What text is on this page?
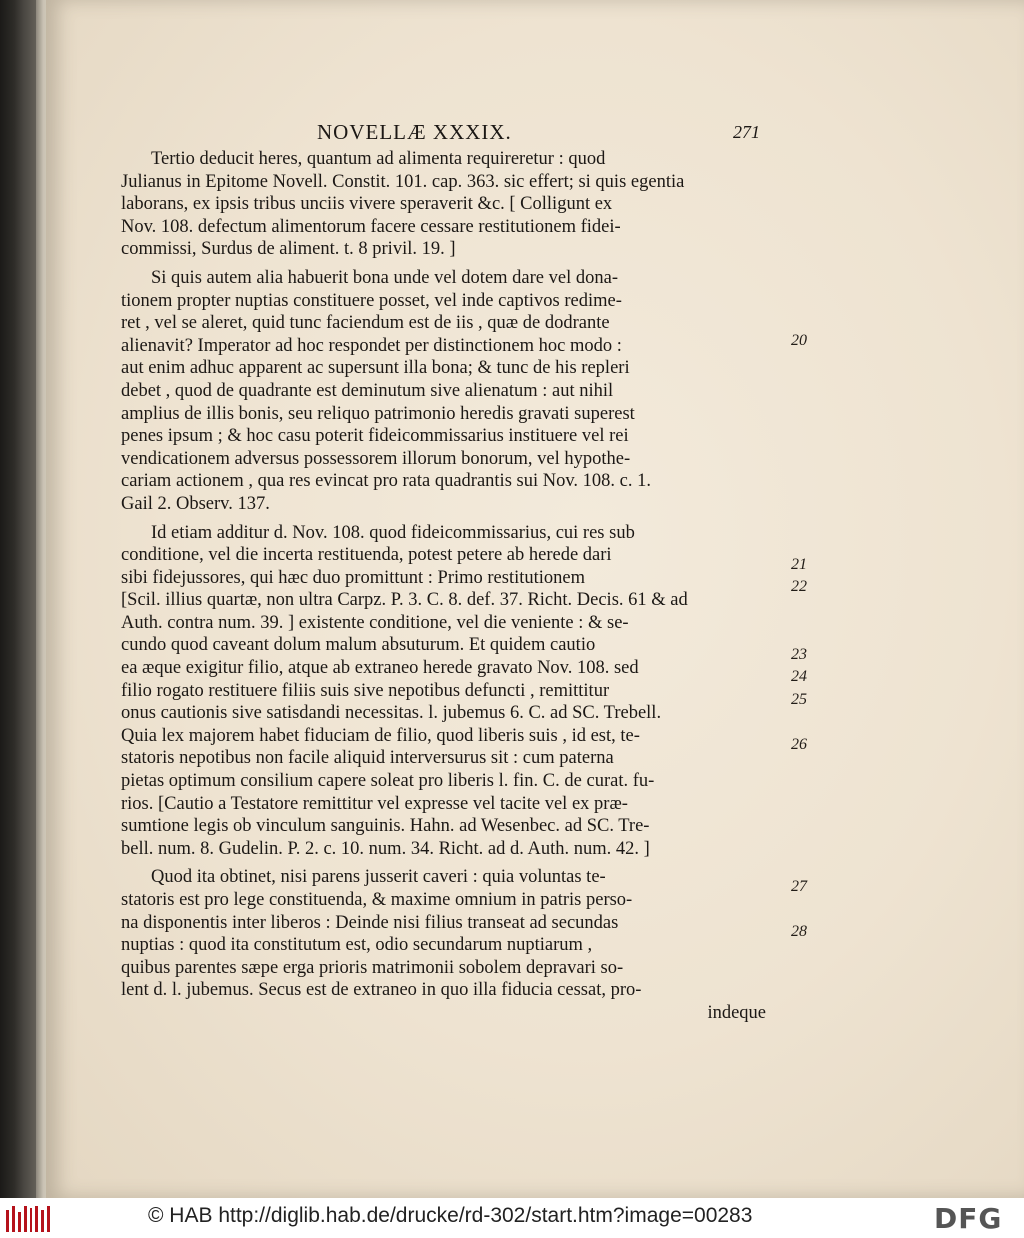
NOVELLÆ XXXIX.	271
Tertio deducit heres, quantum ad alimenta requireretur : quod
Julianus in Epitome Novell. Constit. 101. cap. 363. sic effert; si quis egentia
laborans, ex ipsis tribus unciis vivere speraverit &c. [ Colligunt ex
Nov. 108. defectum alimentorum facere cessare restitutionem fidei-
commissi, Surdus de aliment. t. 8 privil. 19. ]
Si quis autem alia habuerit bona unde vel dotem dare vel dona-
tionem propter nuptias constituere posset, vel inde captivos redime-
ret , vel se aleret, quid tunc faciendum est de iis , quæ de dodrante
alienavit? Imperator ad hoc respondet per distinctionem hoc modo :
aut enim adhuc apparent ac supersunt illa bona; & tunc de his repleri
debet , quod de quadrante est deminutum sive alienatum : aut nihil
amplius de illis bonis, seu reliquo patrimonio heredis gravati superest
penes ipsum ; & hoc casu poterit fideicommissarius instituere vel rei
vendicationem adversus possessorem illorum bonorum, vel hypothe-
cariam actionem , qua res evincat pro rata quadrantis sui Nov. 108. c. 1.
Gail 2. Observ. 137.
Id etiam additur d. Nov. 108. quod fideicommissarius, cui res sub
conditione, vel die incerta restituenda, potest petere ab herede dari
sibi fidejussores, qui hæc duo promittunt : Primo restitutionem
[Scil. illius quartæ, non ultra Carpz. P. 3. C. 8. def. 37. Richt. Decis. 61 & ad
Auth. contra num. 39. ] existente conditione, vel die veniente : & se-
cundo quod caveant dolum malum absuturum. Et quidem cautio
ea æque exigitur filio, atque ab extraneo herede gravato Nov. 108. sed
filio rogato restituere filiis suis sive nepotibus defuncti , remittitur
onus cautionis sive satisdandi necessitas. l. jubemus 6. C. ad SC. Trebell.
Quia lex majorem habet fiduciam de filio, quod liberis suis , id est, te-
statoris nepotibus non facile aliquid interversurus sit : cum paterna
pietas optimum consilium capere soleat pro liberis l. fin. C. de curat. fu-
rios. [Cautio a Testatore remittitur vel expresse vel tacite vel ex præ-
sumtione legis ob vinculum sanguinis. Hahn. ad Wesenbec. ad SC. Tre-
bell. num. 8. Gudelin. P. 2. c. 10. num. 34. Richt. ad d. Auth. num. 42. ]
Quod ita obtinet, nisi parens jusserit caveri : quia voluntas te-
statoris est pro lege constituenda, & maxime omnium in patris perso-
na disponentis inter liberos : Deinde nisi filius transeat ad secundas
nuptias : quod ita constitutum est, odio secundarum nuptiarum ,
quibus parentes sæpe erga prioris matrimonii sobolem depravari so-
lent d. l. jubemus. Secus est de extraneo in quo illa fiducia cessat, pro-
indeque
20
21
22
23
24
25
26
27
28
© HAB http://diglib.hab.de/drucke/rd-302/start.htm?image=00283	DFG
